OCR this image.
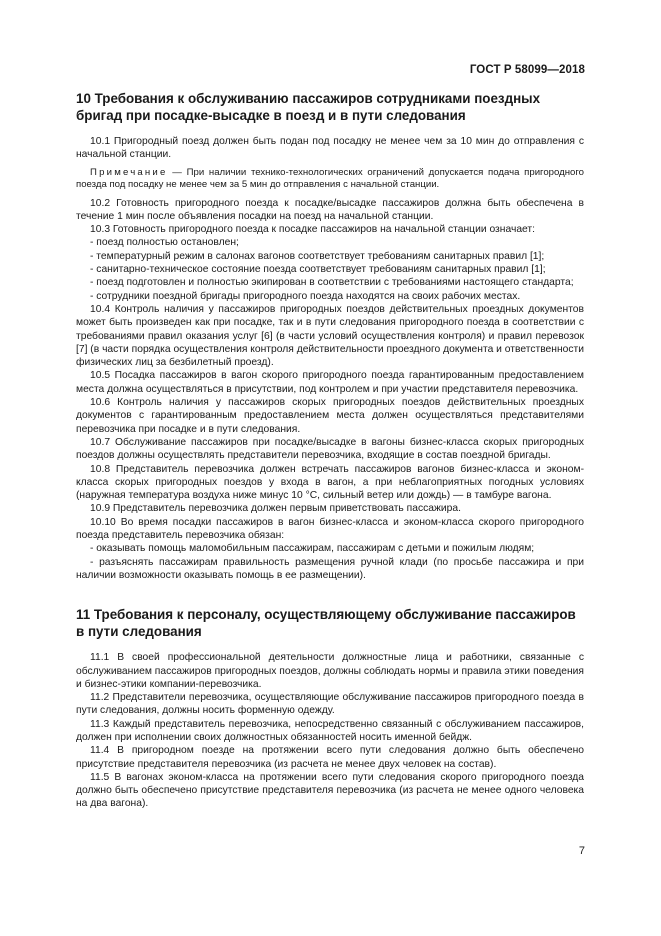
ГОСТ Р 58099—2018
10 Требования к обслуживанию пассажиров сотрудниками поездных бригад при посадке-высадке в поезд и в пути следования

10.1 Пригородный поезд должен быть подан под посадку не менее чем за 10 мин до отправления с начальной станции.

Примечание — При наличии технико-технологических ограничений допускается подача пригородного поезда под посадку не менее чем за 5 мин до отправления с начальной станции.

10.2 Готовность пригородного поезда к посадке/высадке пассажиров должна быть обеспечена в течение 1 мин после объявления посадки на поезд на начальной станции.

10.3 Готовность пригородного поезда к посадке пассажиров на начальной станции означает:

- поезд полностью остановлен;

- температурный режим в салонах вагонов соответствует требованиям санитарных правил [1];

- санитарно-техническое состояние поезда соответствует требованиям санитарных правил [1];

- поезд подготовлен и полностью экипирован в соответствии с требованиями настоящего стандарта;

- сотрудники поездной бригады пригородного поезда находятся на своих рабочих местах.

10.4 Контроль наличия у пассажиров пригородных поездов действительных проездных документов может быть произведен как при посадке, так и в пути следования пригородного поезда в соответствии с требованиями правил оказания услуг [6] (в части условий осуществления контроля) и правил перевозок [7] (в части порядка осуществления контроля действительности проездного документа и ответственности физических лиц за безбилетный проезд).

10.5 Посадка пассажиров в вагон скорого пригородного поезда гарантированным предоставлением места должна осуществляться в присутствии, под контролем и при участии представителя перевозчика.

10.6 Контроль наличия у пассажиров скорых пригородных поездов действительных проездных документов с гарантированным предоставлением места должен осуществляться представителями перевозчика при посадке и в пути следования.

10.7 Обслуживание пассажиров при посадке/высадке в вагоны бизнес-класса скорых пригородных поездов должны осуществлять представители перевозчика, входящие в состав поездной бригады.

10.8 Представитель перевозчика должен встречать пассажиров вагонов бизнес-класса и эконом-класса скорых пригородных поездов у входа в вагон, а при неблагоприятных погодных условиях (наружная температура воздуха ниже минус 10 °С, сильный ветер или дождь) — в тамбуре вагона.

10.9 Представитель перевозчика должен первым приветствовать пассажира.

10.10 Во время посадки пассажиров в вагон бизнес-класса и эконом-класса скорого пригородного поезда представитель перевозчика обязан:

- оказывать помощь маломобильным пассажирам, пассажирам с детьми и пожилым людям;

- разъяснять пассажирам правильность размещения ручной клади (по просьбе пассажира и при наличии возможности оказывать помощь в ее размещении).

11 Требования к персоналу, осуществляющему обслуживание пассажиров в пути следования

11.1 В своей профессиональной деятельности должностные лица и работники, связанные с обслуживанием пассажиров пригородных поездов, должны соблюдать нормы и правила этики поведения и бизнес-этики компании-перевозчика.

11.2 Представители перевозчика, осуществляющие обслуживание пассажиров пригородного поезда в пути следования, должны носить форменную одежду.

11.3 Каждый представитель перевозчика, непосредственно связанный с обслуживанием пассажиров, должен при исполнении своих должностных обязанностей носить именной бейдж.

11.4 В пригородном поезде на протяжении всего пути следования должно быть обеспечено присутствие представителя перевозчика (из расчета не менее двух человек на состав).

11.5 В вагонах эконом-класса на протяжении всего пути следования скорого пригородного поезда должно быть обеспечено присутствие представителя перевозчика (из расчета не менее одного человека на два вагона).

7
